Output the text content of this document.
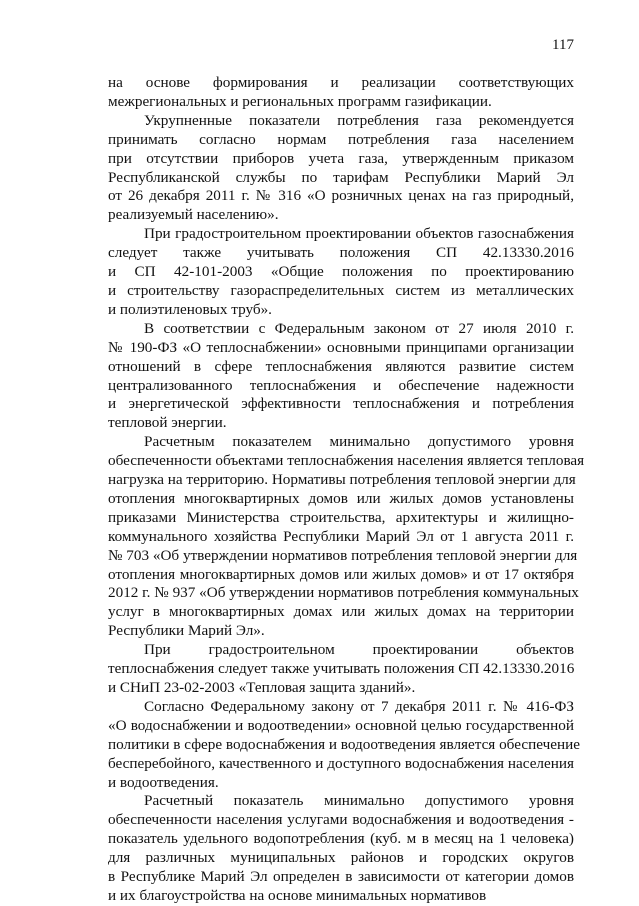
117

на основе формирования и реализации соответствующих
межрегиональных и региональных программ газификации.

Укрупненные показатели потребления газа рекомендуется
принимать согласно нормам потребления газа населением
при отсутствии приборов учета газа, утвержденным приказом
Республиканской службы по тарифам Республики Марий Эл
от 26 декабря 2011 г. № 316 «О розничных ценах на газ природный,
реализуемый населению».

При градостроительном проектировании объектов газоснабжения
следует также учитывать положения СП 42.13330.2016
и СП 42-101-2003 «Общие положения по проектированию
и строительству газораспределительных систем из металлических
и полиэтиленовых труб».

В соответствии с Федеральным законом от 27 июля 2010 г.
№ 190-ФЗ «О теплоснабжении» основными принципами организации
отношений в сфере теплоснабжения являются развитие систем
централизованного теплоснабжения и обеспечение надежности
и энергетической эффективности теплоснабжения и потребления
тепловой энергии.

Расчетным показателем минимально допустимого уровня
обеспеченности объектами теплоснабжения населения является тепловая
нагрузка на территорию. Нормативы потребления тепловой энергии для
отопления многоквартирных домов или жилых домов установлены
приказами Министерства строительства, архитектуры и жилищно-
коммунального хозяйства Республики Марий Эл от 1 августа 2011 г.
№ 703 «Об утверждении нормативов потребления тепловой энергии для
отопления многоквартирных домов или жилых домов» и от 17 октября
2012 г. № 937 «Об утверждении нормативов потребления коммунальных
услуг в многоквартирных домах или жилых домах на территории
Республики Марий Эл».

При градостроительном проектировании объектов
теплоснабжения следует также учитывать положения СП 42.13330.2016
и СНиП 23-02-2003 «Тепловая защита зданий».

Согласно Федеральному закону от 7 декабря 2011 г. № 416-ФЗ
«О водоснабжении и водоотведении» основной целью государственной
политики в сфере водоснабжения и водоотведения является обеспечение
бесперебойного, качественного и доступного водоснабжения населения
и водоотведения.

Расчетный показатель минимально допустимого уровня
обеспеченности населения услугами водоснабжения и водоотведения -
показатель удельного водопотребления (куб. м в месяц на 1 человека)
для различных муниципальных районов и городских округов
в Республике Марий Эл определен в зависимости от категории домов
и их благоустройства на основе минимальных нормативов
